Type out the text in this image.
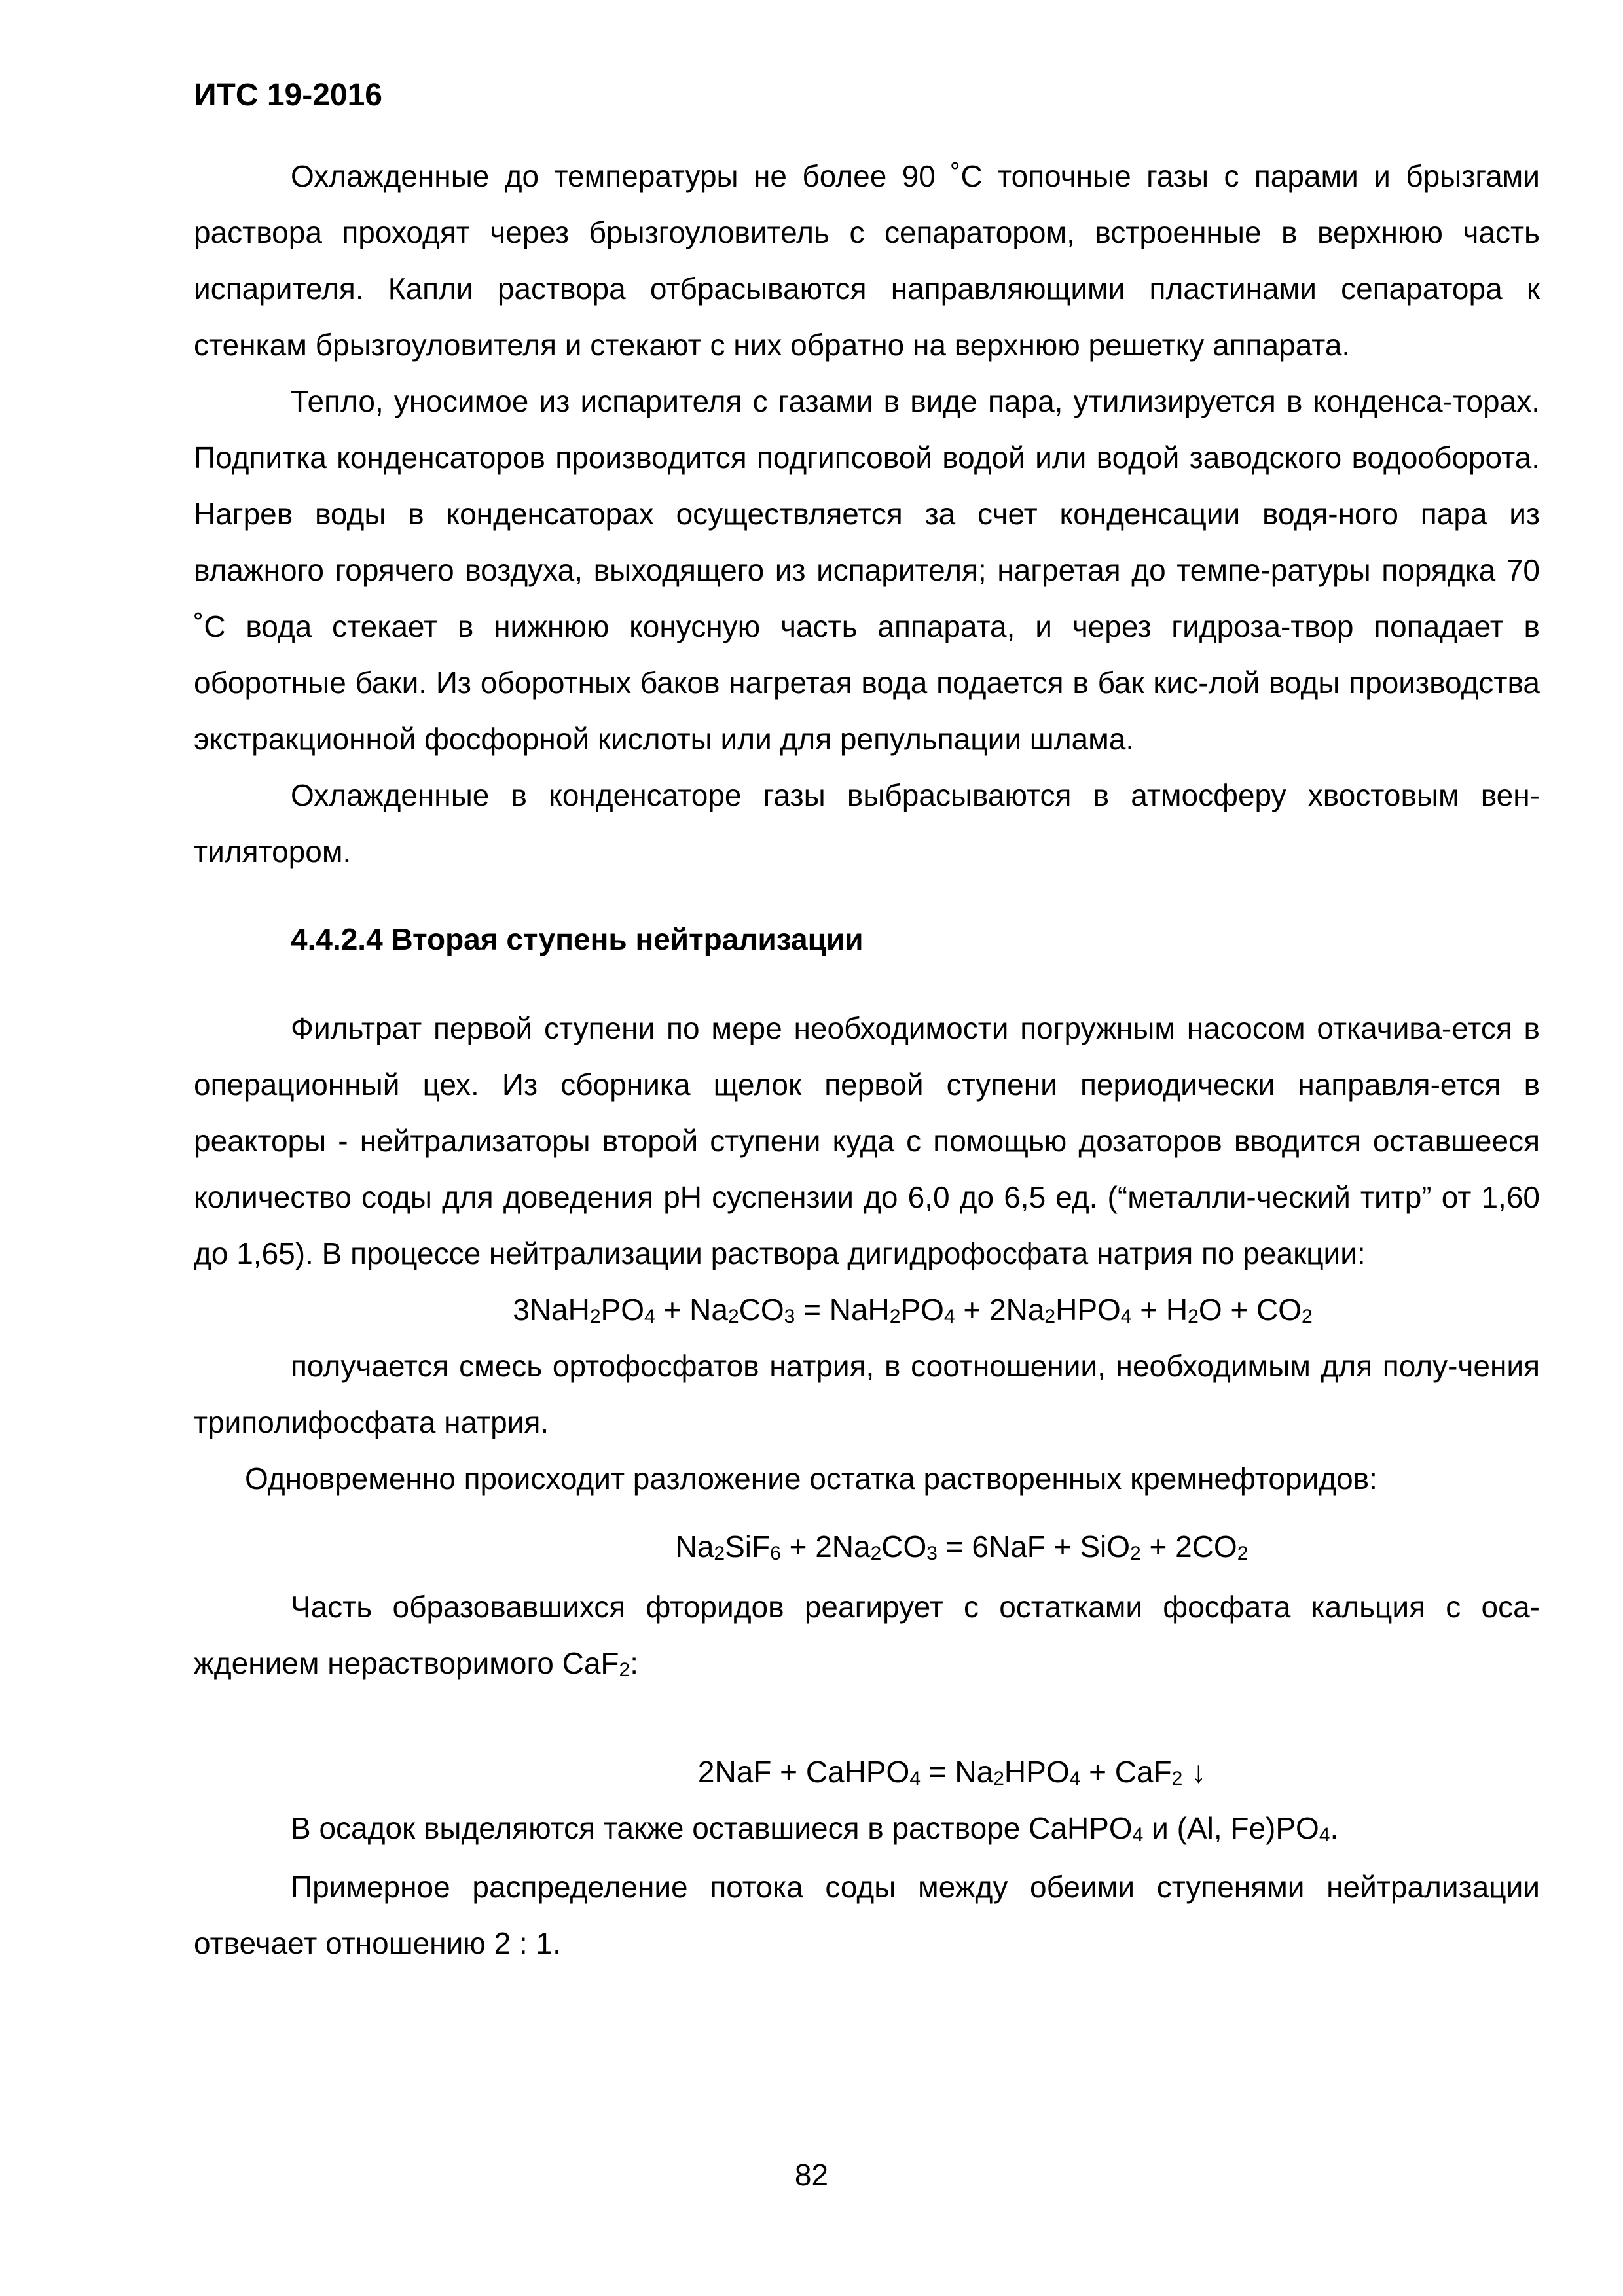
ИТС 19-2016

Охлажденные до температуры не более 90 ˚С топочные газы с парами и брызгами раствора проходят через брызгоуловитель с сепаратором, встроенные в верхнюю часть испарителя. Капли раствора отбрасываются направляющими пластинами сепаратора к стенкам брызгоуловителя и стекают с них обратно на верхнюю решетку аппарата.

Тепло, уносимое из испарителя с газами в виде пара, утилизируется в конденса-торах. Подпитка конденсаторов производится подгипсовой водой или водой заводского водооборота. Нагрев воды в конденсаторах осуществляется за счет конденсации водя-ного пара из влажного горячего воздуха, выходящего из испарителя; нагретая до темпе-ратуры порядка 70 ˚С вода стекает в нижнюю конусную часть аппарата, и через гидроза-твор попадает в оборотные баки. Из оборотных баков нагретая вода подается в бак кис-лой воды производства экстракционной фосфорной кислоты или для репульпации шлама.

Охлажденные в конденсаторе газы выбрасываются в атмосферу хвостовым вен-тилятором.

4.4.2.4 Вторая ступень нейтрализации

Фильтрат первой ступени по мере необходимости погружным насосом откачива-ется в операционный цех. Из сборника щелок первой ступени периодически направля-ется в реакторы - нейтрализаторы второй ступени куда с помощью дозаторов вводится оставшееся количество соды для доведения pH суспензии до 6,0 до 6,5 ед. (“металли-ческий титр” от 1,60 до 1,65). В процессе нейтрализации раствора дигидрофосфата натрия по реакции:

$3NaH_2PO_4 + Na_2CO_3 = NaH_2PO_4 + 2Na_2HPO_4 + H_2O + CO_2$

получается смесь ортофосфатов натрия, в соотношении, необходимым для полу-чения триполифосфата натрия.

Одновременно происходит разложение остатка растворенных кремнефторидов:

$Na_2SiF_6 + 2Na_2CO_3 = 6NaF + SiO_2 + 2CO_2$

Часть образовавшихся фторидов реагирует с остатками фосфата кальция с оса-ждением нерастворимого CaF$_2$:

2NaF + CaHPO$_4$ = $Na_2HPO_4 + CaF_2$ ↓

В осадок выделяются также оставшиеся в растворе CaHPO$_4$ и (Al, $Fe)PO_4$.

Примерное распределение потока соды между обеими ступенями нейтрализации отвечает отношению 2 : 1.

82
